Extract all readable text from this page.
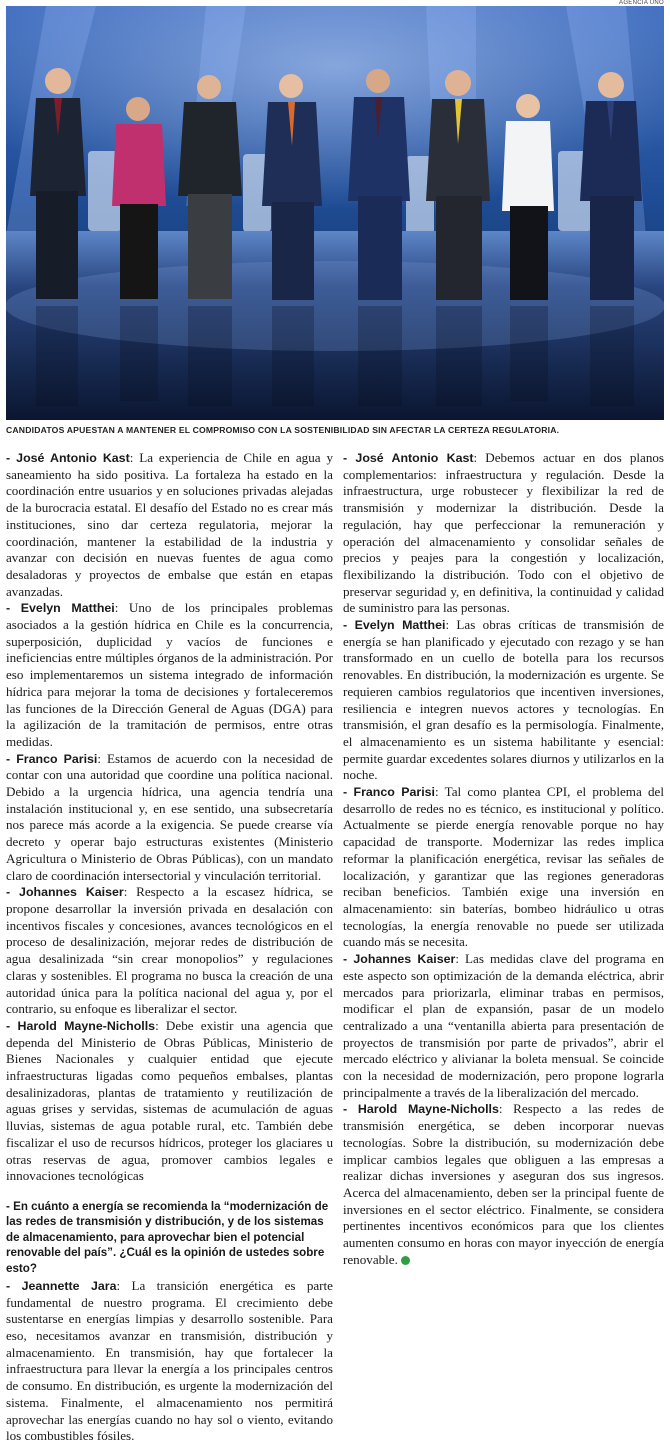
AGENCIA UNO
CANDIDATOS APUESTAN A MANTENER EL COMPROMISO CON LA SOSTENIBILIDAD SIN AFECTAR LA CERTEZA REGULATORIA.

- José Antonio Kast: La experiencia de Chile en agua y saneamiento ha sido positiva. La fortaleza ha estado en la coordinación entre usuarios y en soluciones privadas alejadas de la burocracia estatal. El desafío del Estado no es crear más instituciones, sino dar certeza regulatoria, mejorar la coordinación, mantener la estabilidad de la industria y avanzar con decisión en nuevas fuentes de agua como desaladoras y proyectos de embalse que están en etapas avanzadas.

- Evelyn Matthei: Uno de los principales problemas asociados a la gestión hídrica en Chile es la concurrencia, superposición, duplicidad y vacíos de funciones e ineficiencias entre múltiples órganos de la administración. Por eso implementaremos un sistema integrado de información hídrica para mejorar la toma de decisiones y fortaleceremos las funciones de la Dirección General de Aguas (DGA) para la agilización de la tramitación de permisos, entre otras medidas.

- Franco Parisi: Estamos de acuerdo con la necesidad de contar con una autoridad que coordine una política nacional. Debido a la urgencia hídrica, una agencia tendría una instalación institucional y, en ese sentido, una subsecretaría nos parece más acorde a la exigencia. Se puede crearse vía decreto y operar bajo estructuras existentes (Ministerio Agricultura o Ministerio de Obras Públicas), con un mandato claro de coordinación intersectorial y vinculación territorial.

- Johannes Kaiser: Respecto a la escasez hídrica, se propone desarrollar la inversión privada en desalación con incentivos fiscales y concesiones, avances tecnológicos en el proceso de desalinización, mejorar redes de distribución de agua desalinizada “sin crear monopolios” y regulaciones claras y sostenibles. El programa no busca la creación de una autoridad única para la política nacional del agua y, por el contrario, su enfoque es liberalizar el sector.

- Harold Mayne-Nicholls: Debe existir una agencia que dependa del Ministerio de Obras Públicas, Ministerio de Bienes Nacionales y cualquier entidad que ejecute infraestructuras ligadas como pequeños embalses, plantas desalinizadoras, plantas de tratamiento y reutilización de aguas grises y servidas, sistemas de acumulación de aguas lluvias, sistemas de agua potable rural, etc. También debe fiscalizar el uso de recursos hídricos, proteger los glaciares u otras reservas de agua, promover cambios legales e innovaciones tecnológicas

- En cuánto a energía se recomienda la “modernización de las redes de transmisión y distribución, y de los sistemas de almacenamiento, para aprovechar bien el potencial renovable del país”. ¿Cuál es la opinión de ustedes sobre esto?

- Jeannette Jara: La transición energética es parte fundamental de nuestro programa. El crecimiento debe sustentarse en energías limpias y desarrollo sostenible. Para eso, necesitamos avanzar en transmisión, distribución y almacenamiento. En transmisión, hay que fortalecer la infraestructura para llevar la energía a los principales centros de consumo. En distribución, es urgente la modernización del sistema. Finalmente, el almacenamiento nos permitirá aprovechar las energías cuando no hay sol o viento, evitando los combustibles fósiles.

- José Antonio Kast: Debemos actuar en dos planos complementarios: infraestructura y regulación. Desde la infraestructura, urge robustecer y flexibilizar la red de transmisión y modernizar la distribución. Desde la regulación, hay que perfeccionar la remuneración y operación del almacenamiento y consolidar señales de precios y peajes para la congestión y localización, flexibilizando la distribución. Todo con el objetivo de preservar seguridad y, en definitiva, la continuidad y calidad de suministro para las personas.

- Evelyn Matthei: Las obras críticas de transmisión de energía se han planificado y ejecutado con rezago y se han transformado en un cuello de botella para los recursos renovables. En distribución, la modernización es urgente. Se requieren cambios regulatorios que incentiven inversiones, resiliencia e integren nuevos actores y tecnologías. En transmisión, el gran desafío es la permisología. Finalmente, el almacenamiento es un sistema habilitante y esencial: permite guardar excedentes solares diurnos y utilizarlos en la noche.

- Franco Parisi: Tal como plantea CPI, el problema del desarrollo de redes no es técnico, es institucional y político. Actualmente se pierde energía renovable porque no hay capacidad de transporte. Modernizar las redes implica reformar la planificación energética, revisar las señales de localización, y garantizar que las regiones generadoras reciban beneficios. También exige una inversión en almacenamiento: sin baterías, bombeo hidráulico u otras tecnologías, la energía renovable no puede ser utilizada cuando más se necesita.

- Johannes Kaiser: Las medidas clave del programa en este aspecto son optimización de la demanda eléctrica, abrir mercados para priorizarla, eliminar trabas en permisos, modificar el plan de expansión, pasar de un modelo centralizado a una “ventanilla abierta para presentación de proyectos de transmisión por parte de privados”, abrir el mercado eléctrico y alivianar la boleta mensual. Se coincide con la necesidad de modernización, pero propone lograrla principalmente a través de la liberalización del mercado.

- Harold Mayne-Nicholls: Respecto a las redes de transmisión energética, se deben incorporar nuevas tecnologías. Sobre la distribución, su modernización debe implicar cambios legales que obliguen a las empresas a realizar dichas inversiones y aseguran dos sus ingresos. Acerca del almacenamiento, deben ser la principal fuente de inversiones en el sector eléctrico. Finalmente, se considera pertinentes incentivos económicos para que los clientes aumenten consumo en horas con mayor inyección de energía renovable.
